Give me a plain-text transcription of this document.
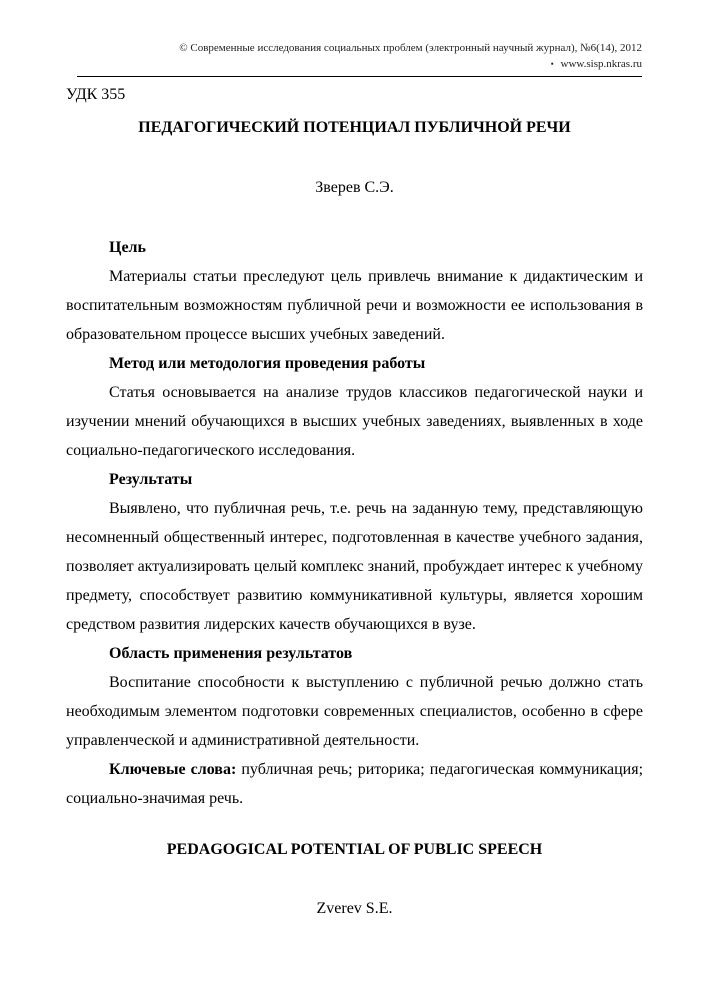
© Современные исследования социальных проблем (электронный научный журнал), №6(14), 2012
• www.sisp.nkras.ru
УДК 355
ПЕДАГОГИЧЕСКИЙ ПОТЕНЦИАЛ ПУБЛИЧНОЙ РЕЧИ
Зверев С.Э.
Цель

Материалы статьи преследуют цель привлечь внимание к дидактическим и воспитательным возможностям публичной речи и возможности ее использования в образовательном процессе высших учебных заведений.

Метод или методология проведения работы

Статья основывается на анализе трудов классиков педагогической науки и изучении мнений обучающихся в высших учебных заведениях, выявленных в ходе социально-педагогического исследования.

Результаты

Выявлено, что публичная речь, т.е. речь на заданную тему, представляющую несомненный общественный интерес, подготовленная в качестве учебного задания, позволяет актуализировать целый комплекс знаний, пробуждает интерес к учебному предмету, способствует развитию коммуникативной культуры, является хорошим средством развития лидерских качеств обучающихся в вузе.

Область применения результатов

Воспитание способности к выступлению с публичной речью должно стать необходимым элементом подготовки современных специалистов, особенно в сфере управленческой и административной деятельности.

Ключевые слова: публичная речь; риторика; педагогическая коммуникация; социально-значимая речь.

PEDAGOGICAL POTENTIAL OF PUBLIC SPEECH
Zverev S.E.
